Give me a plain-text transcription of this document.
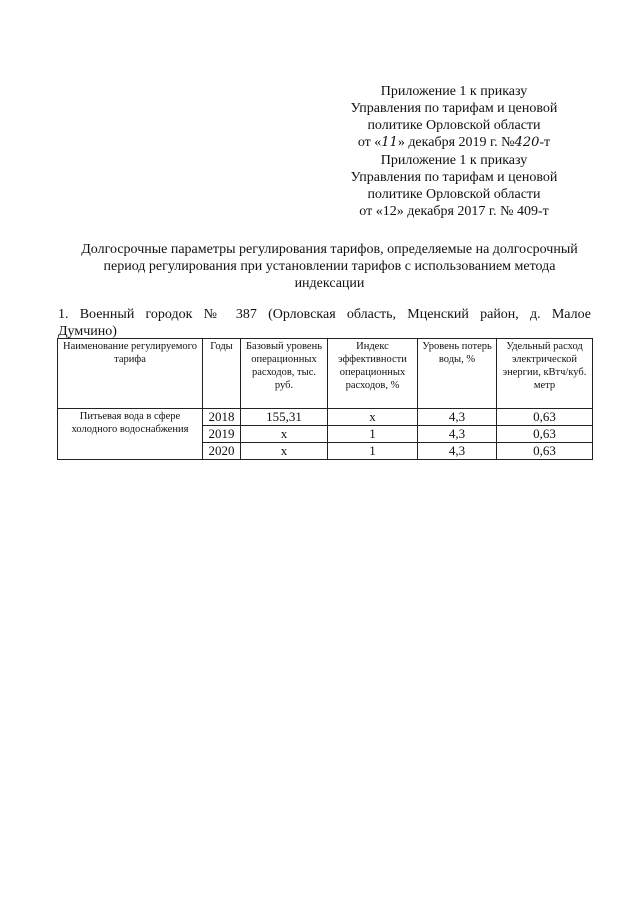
Приложение 1 к приказу
Управления по тарифам и ценовой
политике Орловской области
от «11» декабря 2019 г. №420-т
Приложение 1 к приказу
Управления по тарифам и ценовой
политике Орловской области
от «12» декабря 2017 г. № 409-т
Долгосрочные параметры регулирования тарифов, определяемые на долгосрочный
период регулирования при установлении тарифов с использованием метода
индексации
1. Военный городок № 387 (Орловская область, Мценский район, д. Малое
Думчино)
Наименование регулируемого тарифа	Годы	Базовый уровень операционных расходов, тыс. руб.	Индекс эффективности операционных расходов, %	Уровень потерь воды, %	Удельный расход электрической энергии, кВтч/куб. метр
Питьевая вода в сфере холодного водоснабжения	2018	155,31	х	4,3	0,63
	2019	х	1	4,3	0,63
	2020	х	1	4,3	0,63
